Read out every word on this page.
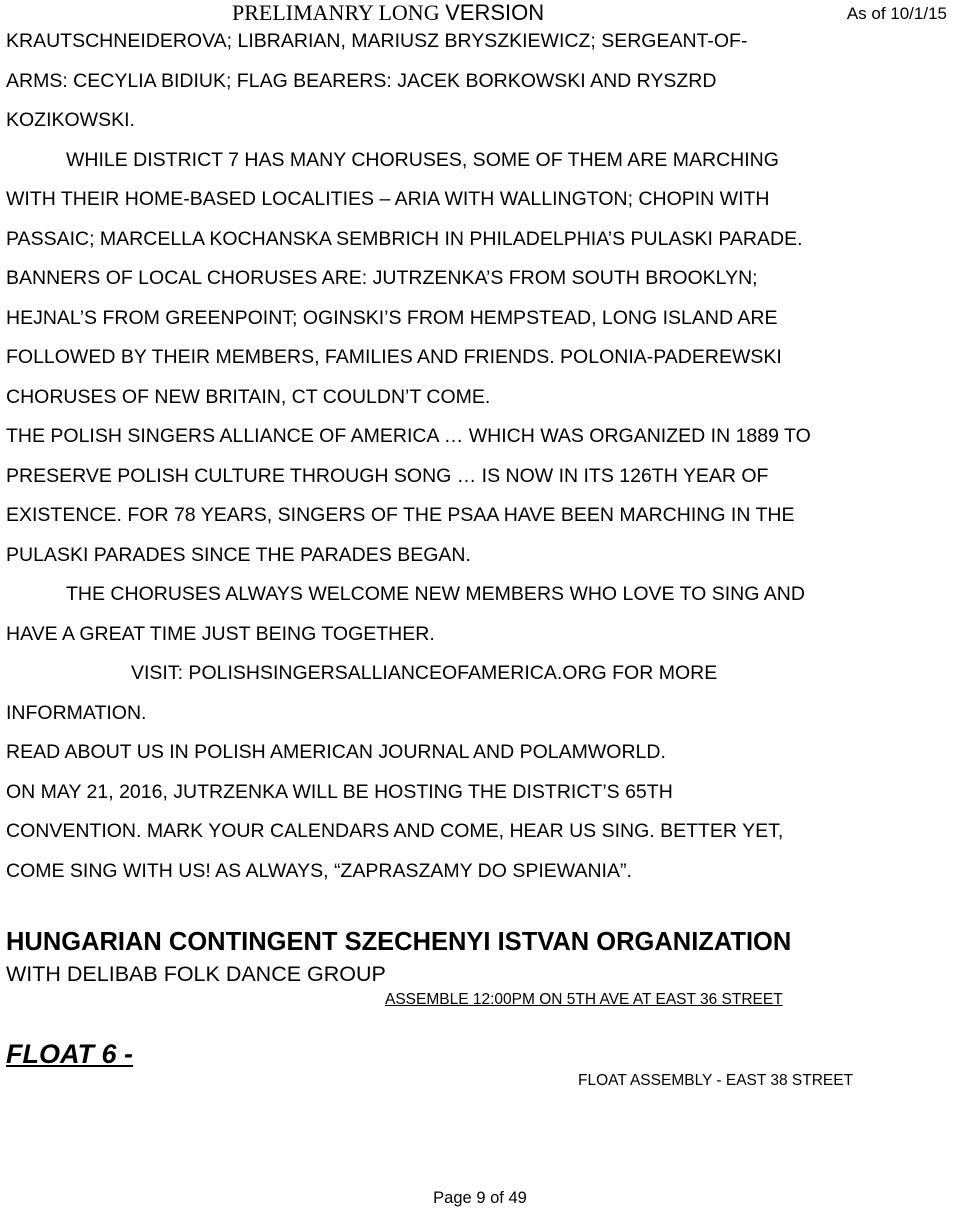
PRELIMANRY LONG VERSION	As of 10/1/15

KRAUTSCHNEIDEROVA; LIBRARIAN, MARIUSZ BRYSZKIEWICZ; SERGEANT-OF-

ARMS: CECYLIA BIDIUK; FLAG BEARERS: JACEK BORKOWSKI AND RYSZRD

KOZIKOWSKI.

WHILE DISTRICT 7 HAS MANY CHORUSES, SOME OF THEM ARE MARCHING

WITH THEIR HOME-BASED LOCALITIES – ARIA WITH WALLINGTON; CHOPIN WITH

PASSAIC; MARCELLA KOCHANSKA SEMBRICH IN PHILADELPHIA’S PULASKI PARADE.

BANNERS OF LOCAL CHORUSES ARE: JUTRZENKA’S FROM SOUTH BROOKLYN;

HEJNAL’S FROM GREENPOINT; OGINSKI’S FROM HEMPSTEAD, LONG ISLAND ARE

FOLLOWED BY THEIR MEMBERS, FAMILIES AND FRIENDS. POLONIA-PADEREWSKI

CHORUSES OF NEW BRITAIN, CT COULDN’T COME.

THE POLISH SINGERS ALLIANCE OF AMERICA … WHICH WAS ORGANIZED IN 1889 TO

PRESERVE POLISH CULTURE THROUGH SONG … IS NOW IN ITS 126TH YEAR OF

EXISTENCE. FOR 78 YEARS, SINGERS OF THE PSAA HAVE BEEN MARCHING IN THE

PULASKI PARADES SINCE THE PARADES BEGAN.

THE CHORUSES ALWAYS WELCOME NEW MEMBERS WHO LOVE TO SING AND

HAVE A GREAT TIME JUST BEING TOGETHER.

VISIT: POLISHSINGERSALLIANCEOFAMERICA.ORG FOR MORE

INFORMATION.

READ ABOUT US IN POLISH AMERICAN JOURNAL AND POLAMWORLD.

ON MAY 21, 2016, JUTRZENKA WILL BE HOSTING THE DISTRICT’S 65TH

CONVENTION. MARK YOUR CALENDARS AND COME, HEAR US SING. BETTER YET,

COME SING WITH US! AS ALWAYS, “ZAPRASZAMY DO SPIEWANIA”.

HUNGARIAN CONTINGENT SZECHENYI ISTVAN ORGANIZATION
WITH DELIBAB FOLK DANCE GROUP
ASSEMBLE 12:00PM ON 5TH AVE AT EAST 36 STREET
FLOAT 6 -
FLOAT ASSEMBLY - EAST 38 STREET
Page 9 of 49
